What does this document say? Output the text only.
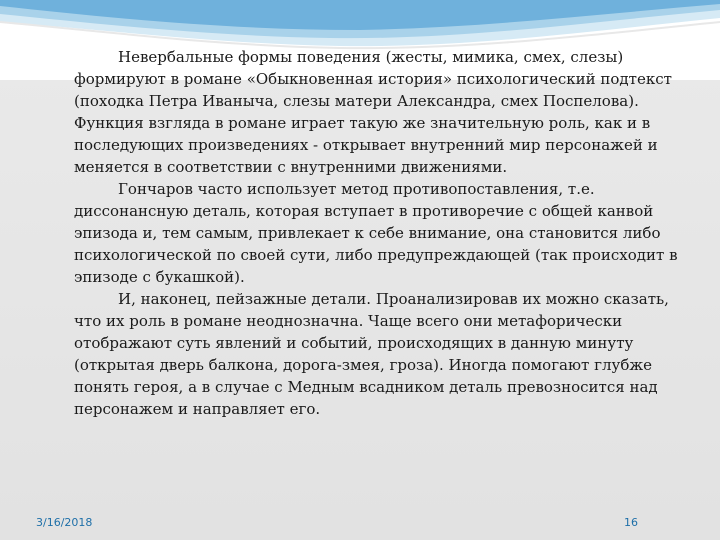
Невербальные формы поведения (жесты, мимика, смех, слезы) формируют в романе «Обыкновенная история» психологический подтекст (походка Петра Иваныча, слезы матери Александра, смех Поспелова). Функция взгляда в романе играет такую же значительную роль, как и в последующих произведениях - открывает внутренний мир персонажей и меняется в соответствии с внутренними движениями.

Гончаров часто использует метод противопоставления, т.е. диссонансную деталь, которая вступает в противоречие с общей канвой эпизода и, тем самым, привлекает к себе внимание, она становится либо психологической по своей сути, либо предупреждающей (так происходит в эпизоде с букашкой).

И, наконец, пейзажные детали. Проанализировав их можно сказать, что их роль в романе неоднозначна. Чаще всего они метафорически отображают суть явлений и событий, происходящих в данную минуту (открытая дверь балкона, дорога-змея, гроза). Иногда помогают глубже понять героя, а в случае с Медным всадником деталь превозносится над персонажем и направляет его.

3/16/2018	16
